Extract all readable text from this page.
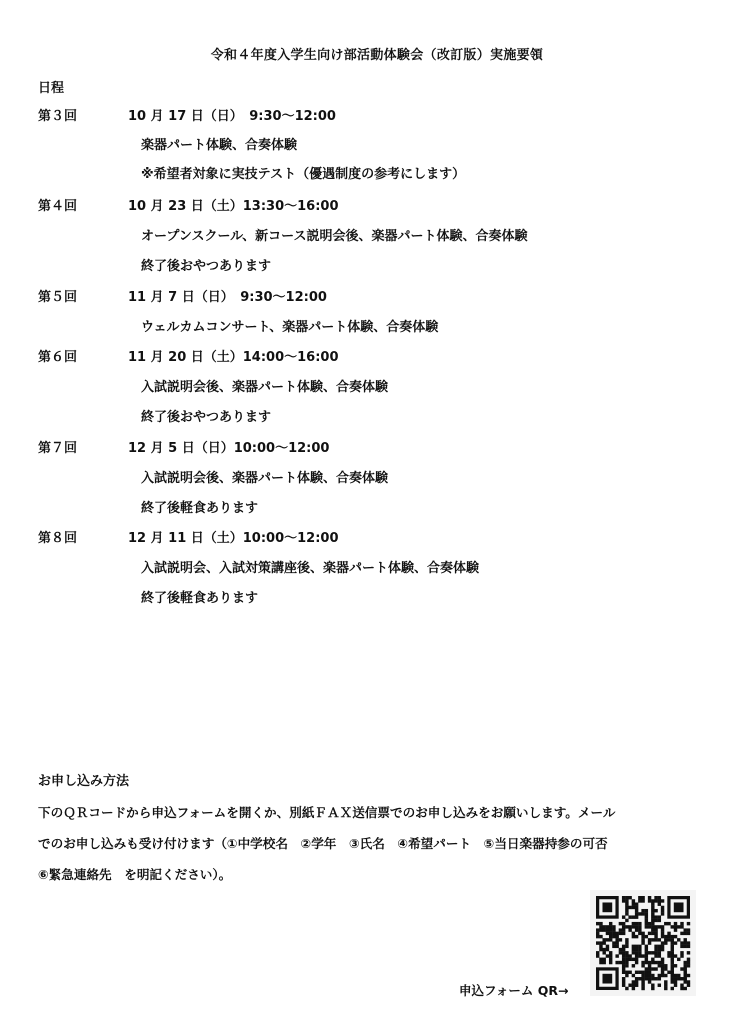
令和４年度入学生向け部活動体験会（改訂版）実施要領
日程
第３回	10 月 17 日（日）　9:30〜12:00
楽器パート体験、合奏体験
※希望者対象に実技テスト（優遇制度の参考にします）
第４回	10 月 23 日（土）13:30〜16:00
オープンスクール、新コース説明会後、楽器パート体験、合奏体験
終了後おやつあります
第５回	11 月 7 日（日）　9:30〜12:00
ウェルカムコンサート、楽器パート体験、合奏体験
第６回	11 月 20 日（土）14:00〜16:00
入試説明会後、楽器パート体験、合奏体験
終了後おやつあります
第７回	12 月 5 日（日）10:00〜12:00
入試説明会後、楽器パート体験、合奏体験
終了後軽食あります
第８回	12 月 11 日（土）10:00〜12:00
入試説明会、入試対策講座後、楽器パート体験、合奏体験
終了後軽食あります
お申し込み方法
下のＱＲコードから申込フォームを開くか、別紙ＦＡＸ送信票でのお申し込みをお願いします。メール
でのお申し込みも受け付けます（①中学校名　②学年　③氏名　④希望パート　⑤当日楽器持参の可否
⑥緊急連絡先　を明記ください）。
申込フォーム QR→
